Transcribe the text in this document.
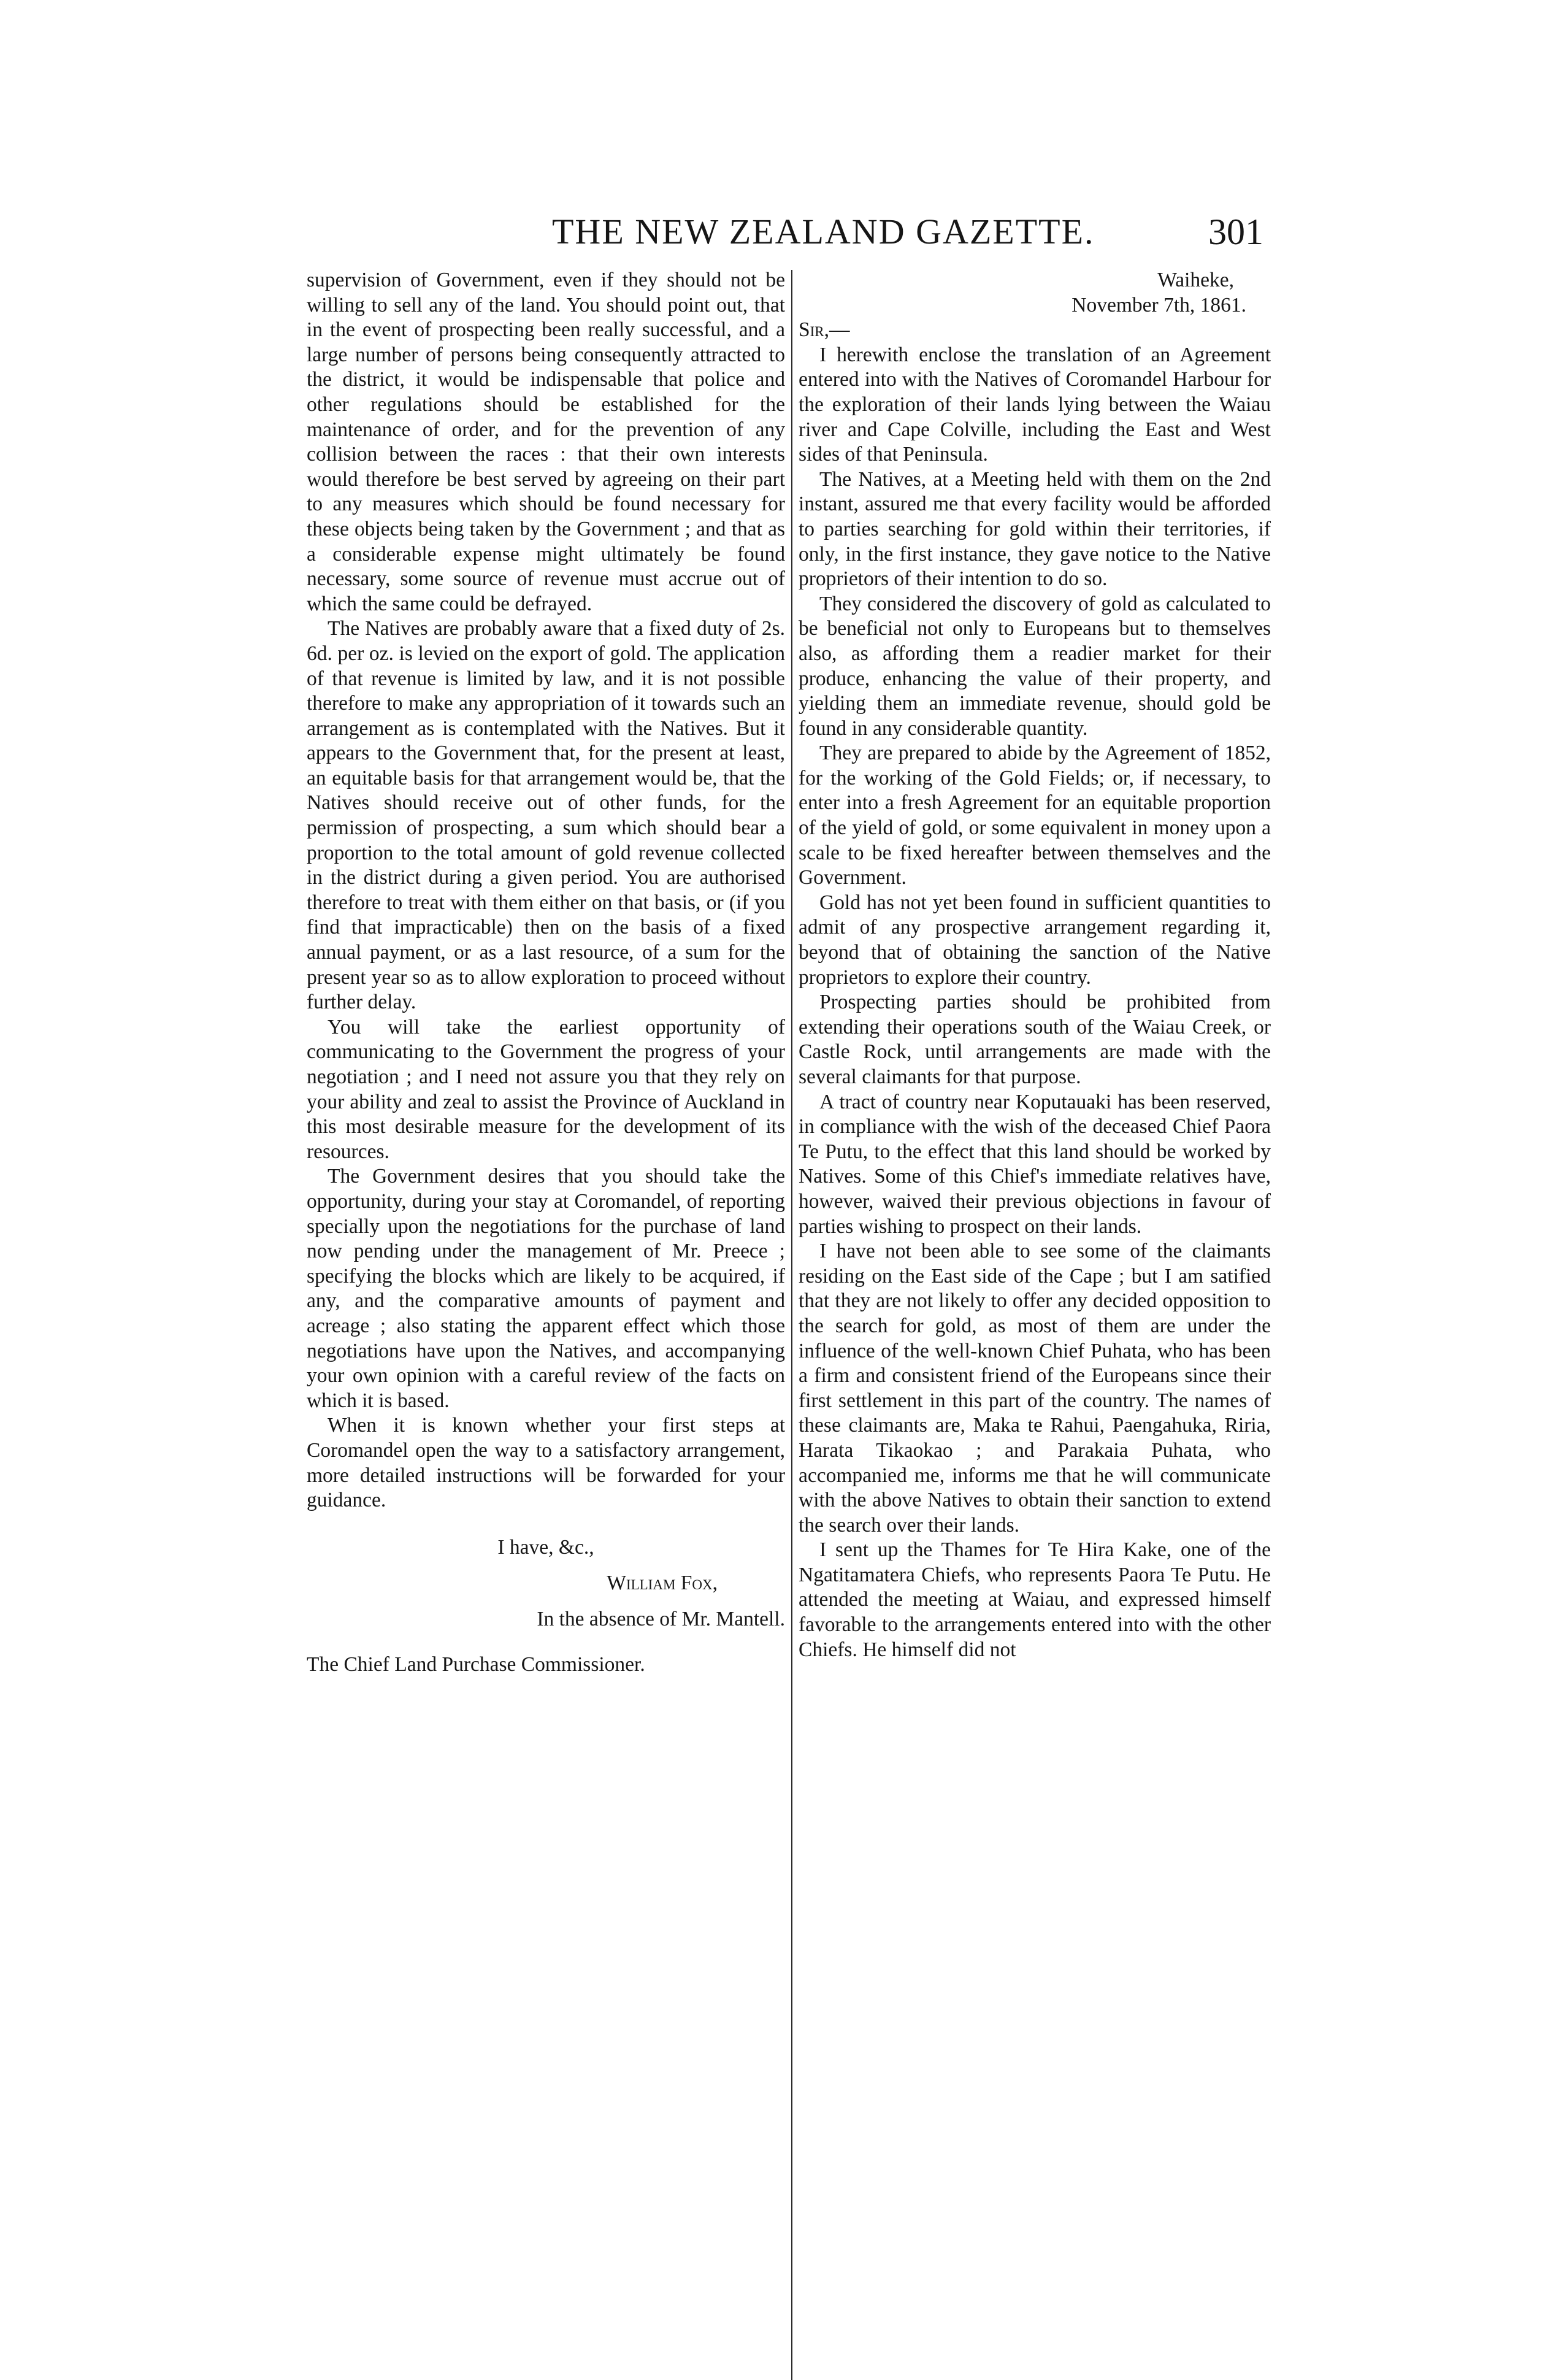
THE NEW ZEALAND GAZETTE.	301

supervision of Government, even if they should not be willing to sell any of the land. You should point out, that in the event of prospecting been really successful, and a large number of persons being consequently attracted to the district, it would be indispensable that police and other regulations should be established for the maintenance of order, and for the prevention of any collision between the races : that their own interests would therefore be best served by agreeing on their part to any measures which should be found necessary for these objects being taken by the Government ; and that as a considerable expense might ultimately be found necessary, some source of revenue must accrue out of which the same could be defrayed.

The Natives are probably aware that a fixed duty of 2s. 6d. per oz. is levied on the export of gold. The application of that revenue is limited by law, and it is not possible therefore to make any appropriation of it towards such an arrangement as is contemplated with the Natives. But it appears to the Government that, for the present at least, an equitable basis for that arrangement would be, that the Natives should receive out of other funds, for the permission of prospecting, a sum which should bear a proportion to the total amount of gold revenue collected in the district during a given period. You are authorised therefore to treat with them either on that basis, or (if you find that impracticable) then on the basis of a fixed annual payment, or as a last resource, of a sum for the present year so as to allow exploration to proceed without further delay.

You will take the earliest opportunity of communicating to the Government the progress of your negotiation ; and I need not assure you that they rely on your ability and zeal to assist the Province of Auckland in this most desirable measure for the development of its resources.

The Government desires that you should take the opportunity, during your stay at Coromandel, of reporting specially upon the negotiations for the purchase of land now pending under the management of Mr. Preece ; specifying the blocks which are likely to be acquired, if any, and the comparative amounts of payment and acreage ; also stating the apparent effect which those negotiations have upon the Natives, and accompanying your own opinion with a careful review of the facts on which it is based.

When it is known whether your first steps at Coromandel open the way to a satisfactory arrangement, more detailed instructions will be forwarded for your guidance.

I have, &c.,

William Fox,

In the absence of Mr. Mantell.

The Chief Land Purchase Commissioner.

Waiheke,

November 7th, 1861.

Sir,—

I herewith enclose the translation of an Agreement entered into with the Natives of Coromandel Harbour for the exploration of their lands lying between the Waiau river and Cape Colville, including the East and West sides of that Peninsula.

The Natives, at a Meeting held with them on the 2nd instant, assured me that every facility would be afforded to parties searching for gold within their territories, if only, in the first instance, they gave notice to the Native proprietors of their intention to do so.

They considered the discovery of gold as calculated to be beneficial not only to Europeans but to themselves also, as affording them a readier market for their produce, enhancing the value of their property, and yielding them an immediate revenue, should gold be found in any considerable quantity.

They are prepared to abide by the Agreement of 1852, for the working of the Gold Fields; or, if necessary, to enter into a fresh Agreement for an equitable proportion of the yield of gold, or some equivalent in money upon a scale to be fixed hereafter between themselves and the Government.

Gold has not yet been found in sufficient quantities to admit of any prospective arrangement regarding it, beyond that of obtaining the sanction of the Native proprietors to explore their country.

Prospecting parties should be prohibited from extending their operations south of the Waiau Creek, or Castle Rock, until arrangements are made with the several claimants for that purpose.

A tract of country near Koputauaki has been reserved, in compliance with the wish of the deceased Chief Paora Te Putu, to the effect that this land should be worked by Natives. Some of this Chief's immediate relatives have, however, waived their previous objections in favour of parties wishing to prospect on their lands.

I have not been able to see some of the claimants residing on the East side of the Cape ; but I am satified that they are not likely to offer any decided opposition to the search for gold, as most of them are under the influence of the well-known Chief Puhata, who has been a firm and consistent friend of the Europeans since their first settlement in this part of the country. The names of these claimants are, Maka te Rahui, Paengahuka, Riria, Harata Tikaokao ; and Parakaia Puhata, who accompanied me, informs me that he will communicate with the above Natives to obtain their sanction to extend the search over their lands.

I sent up the Thames for Te Hira Kake, one of the Ngatitamatera Chiefs, who represents Paora Te Putu. He attended the meeting at Waiau, and expressed himself favorable to the arrangements entered into with the other Chiefs. He himself did not
